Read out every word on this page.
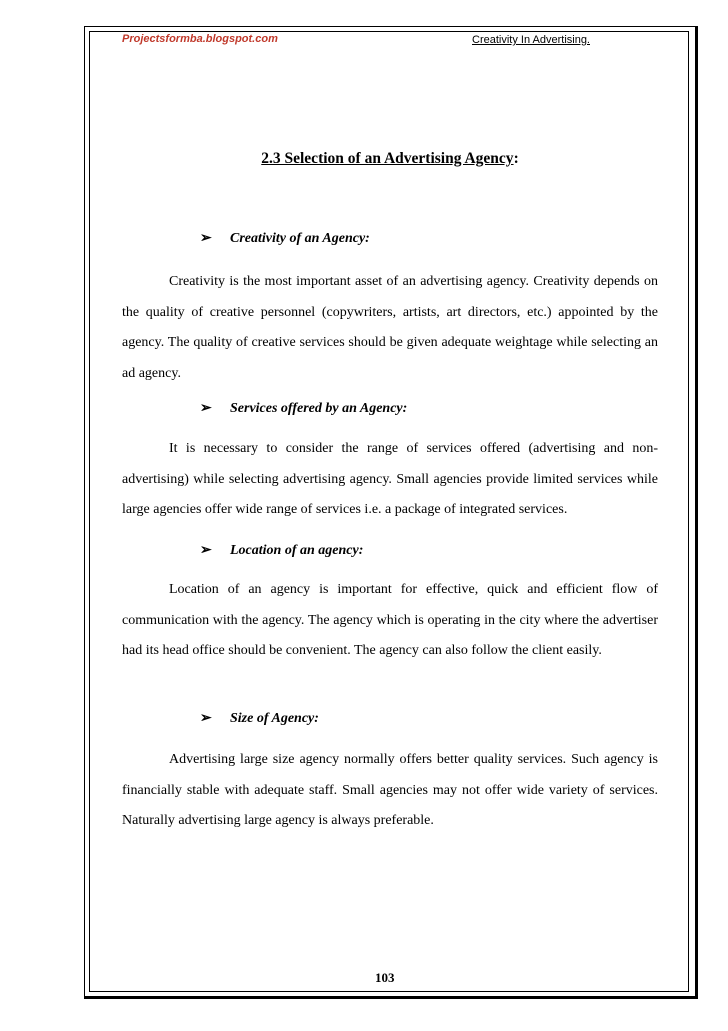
Projectsformba.blogspot.com	Creativity In Advertising.
2.3 Selection of an Advertising Agency:
➢ Creativity of an Agency:

Creativity is the most important asset of an advertising agency. Creativity depends on the quality of creative personnel (copywriters, artists, art directors, etc.) appointed by the agency. The quality of creative services should be given adequate weightage while selecting an ad agency.

➢ Services offered by an Agency:

It is necessary to consider the range of services offered (advertising and non-advertising) while selecting advertising agency. Small agencies provide limited services while large agencies offer wide range of services i.e. a package of integrated services.

➢ Location of an agency:

Location of an agency is important for effective, quick and efficient flow of communication with the agency. The agency which is operating in the city where the advertiser had its head office should be convenient. The agency can also follow the client easily.

➢ Size of Agency:

Advertising large size agency normally offers better quality services. Such agency is financially stable with adequate staff. Small agencies may not offer wide variety of services. Naturally advertising large agency is always preferable.

103
